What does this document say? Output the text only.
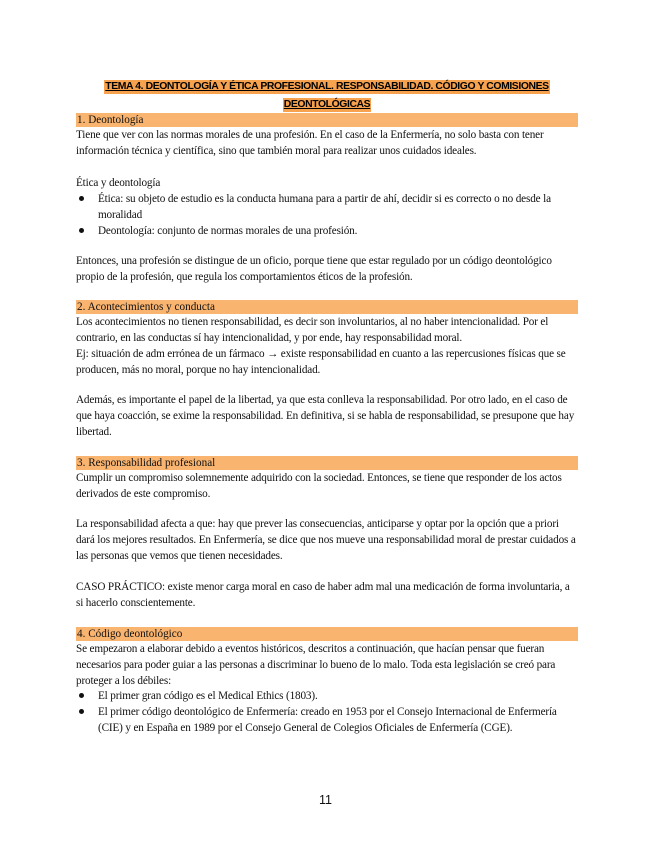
TEMA 4. DEONTOLOGÍA Y ÉTICA PROFESIONAL. RESPONSABILIDAD. CÓDIGO Y COMISIONES
DEONTOLÓGICAS
1. Deontología

Tiene que ver con las normas morales de una profesión. En el caso de la Enfermería, no solo basta con tener información técnica y científica, sino que también moral para realizar unos cuidados ideales.

Ética y deontología

Ética: su objeto de estudio es la conducta humana para a partir de ahí, decidir si es correcto o no desde la moralidad
Deontología: conjunto de normas morales de una profesión.

Entonces, una profesión se distingue de un oficio, porque tiene que estar regulado por un código deontológico propio de la profesión, que regula los comportamientos éticos de la profesión.

2. Acontecimientos y conducta

Los acontecimientos no tienen responsabilidad, es decir son involuntarios, al no haber intencionalidad. Por el contrario, en las conductas sí hay intencionalidad, y por ende, hay responsabilidad moral.

Ej: situación de adm errónea de un fármaco → existe responsabilidad en cuanto a las repercusiones físicas que se producen, más no moral, porque no hay intencionalidad.

Además, es importante el papel de la libertad, ya que esta conlleva la responsabilidad. Por otro lado, en el caso de que haya coacción, se exime la responsabilidad. En definitiva, si se habla de responsabilidad, se presupone que hay libertad.

3. Responsabilidad profesional

Cumplir un compromiso solemnemente adquirido con la sociedad. Entonces, se tiene que responder de los actos derivados de este compromiso.

La responsabilidad afecta a que: hay que prever las consecuencias, anticiparse y optar por la opción que a priori dará los mejores resultados. En Enfermería, se dice que nos mueve una responsabilidad moral de prestar cuidados a las personas que vemos que tienen necesidades.

CASO PRÁCTICO: existe menor carga moral en caso de haber adm mal una medicación de forma involuntaria, a si hacerlo conscientemente.

4. Código deontológico

Se empezaron a elaborar debido a eventos históricos, descritos a continuación, que hacían pensar que fueran necesarios para poder guiar a las personas a discriminar lo bueno de lo malo. Toda esta legislación se creó para proteger a los débiles:

El primer gran código es el Medical Ethics (1803).
El primer código deontológico de Enfermería: creado en 1953 por el Consejo Internacional de Enfermería (CIE) y en España en 1989 por el Consejo General de Colegios Oficiales de Enfermería (CGE).
11
